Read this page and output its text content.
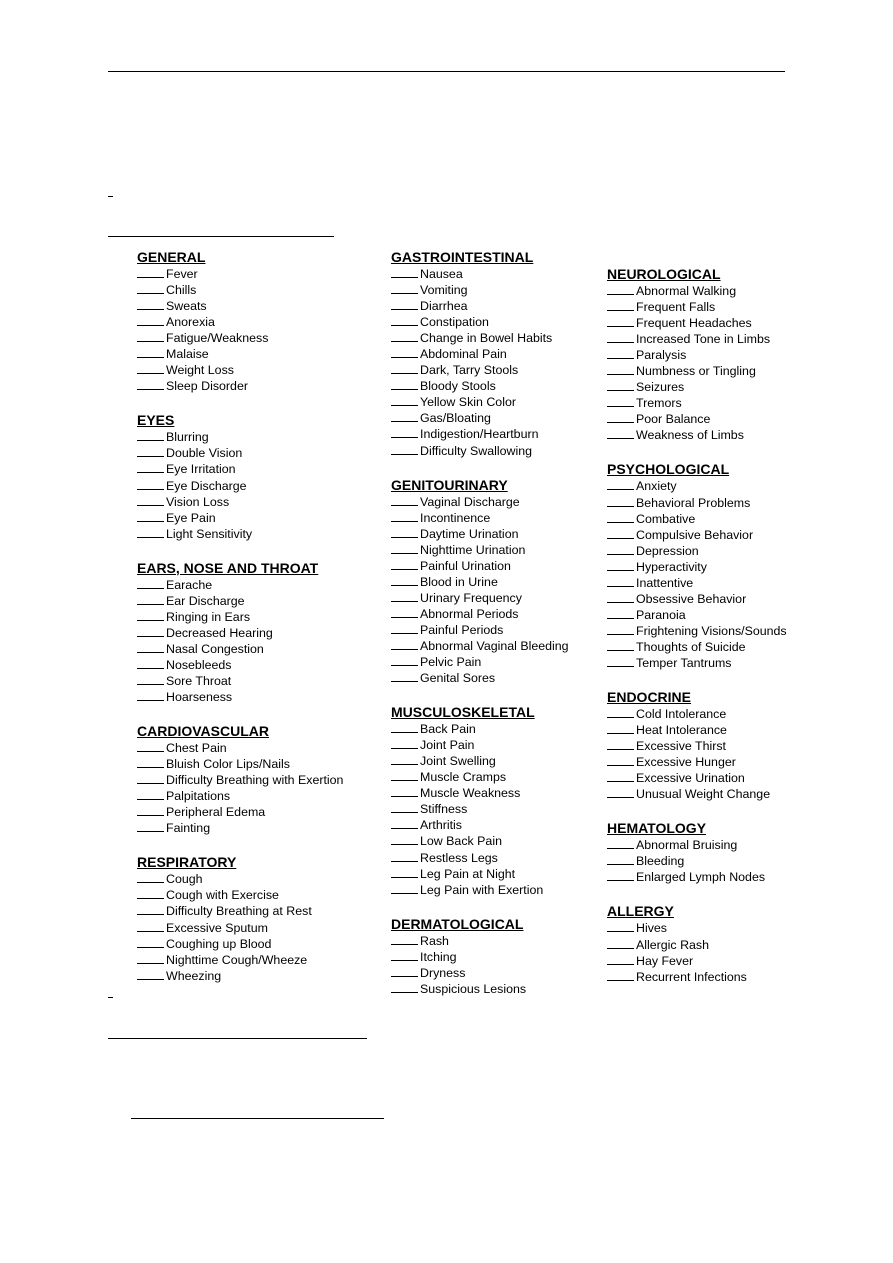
GENERAL
Fever
Chills
Sweats
Anorexia
Fatigue/Weakness
Malaise
Weight Loss
Sleep Disorder
EYES
Blurring
Double Vision
Eye Irritation
Eye Discharge
Vision Loss
Eye Pain
Light Sensitivity
EARS, NOSE AND THROAT
Earache
Ear Discharge
Ringing in Ears
Decreased Hearing
Nasal Congestion
Nosebleeds
Sore Throat
Hoarseness
CARDIOVASCULAR
Chest Pain
Bluish Color Lips/Nails
Difficulty Breathing with Exertion
Palpitations
Peripheral Edema
Fainting
RESPIRATORY
Cough
Cough with Exercise
Difficulty Breathing at Rest
Excessive Sputum
Coughing up Blood
Nighttime Cough/Wheeze
Wheezing
GASTROINTESTINAL
Nausea
Vomiting
Diarrhea
Constipation
Change in Bowel Habits
Abdominal Pain
Dark, Tarry Stools
Bloody Stools
Yellow Skin Color
Gas/Bloating
Indigestion/Heartburn
Difficulty Swallowing
GENITOURINARY
Vaginal Discharge
Incontinence
Daytime Urination
Nighttime Urination
Painful Urination
Blood in Urine
Urinary Frequency
Abnormal Periods
Painful Periods
Abnormal Vaginal Bleeding
Pelvic Pain
Genital Sores
MUSCULOSKELETAL
Back Pain
Joint Pain
Joint Swelling
Muscle Cramps
Muscle Weakness
Stiffness
Arthritis
Low Back Pain
Restless Legs
Leg Pain at Night
Leg Pain with Exertion
DERMATOLOGICAL
Rash
Itching
Dryness
Suspicious Lesions
NEUROLOGICAL
Abnormal Walking
Frequent Falls
Frequent Headaches
Increased Tone in Limbs
Paralysis
Numbness or Tingling
Seizures
Tremors
Poor Balance
Weakness of Limbs
PSYCHOLOGICAL
Anxiety
Behavioral Problems
Combative
Compulsive Behavior
Depression
Hyperactivity
Inattentive
Obsessive Behavior
Paranoia
Frightening Visions/Sounds
Thoughts of Suicide
Temper Tantrums
ENDOCRINE
Cold Intolerance
Heat Intolerance
Excessive Thirst
Excessive Hunger
Excessive Urination
Unusual Weight Change
HEMATOLOGY
Abnormal Bruising
Bleeding
Enlarged Lymph Nodes
ALLERGY
Hives
Allergic Rash
Hay Fever
Recurrent Infections
